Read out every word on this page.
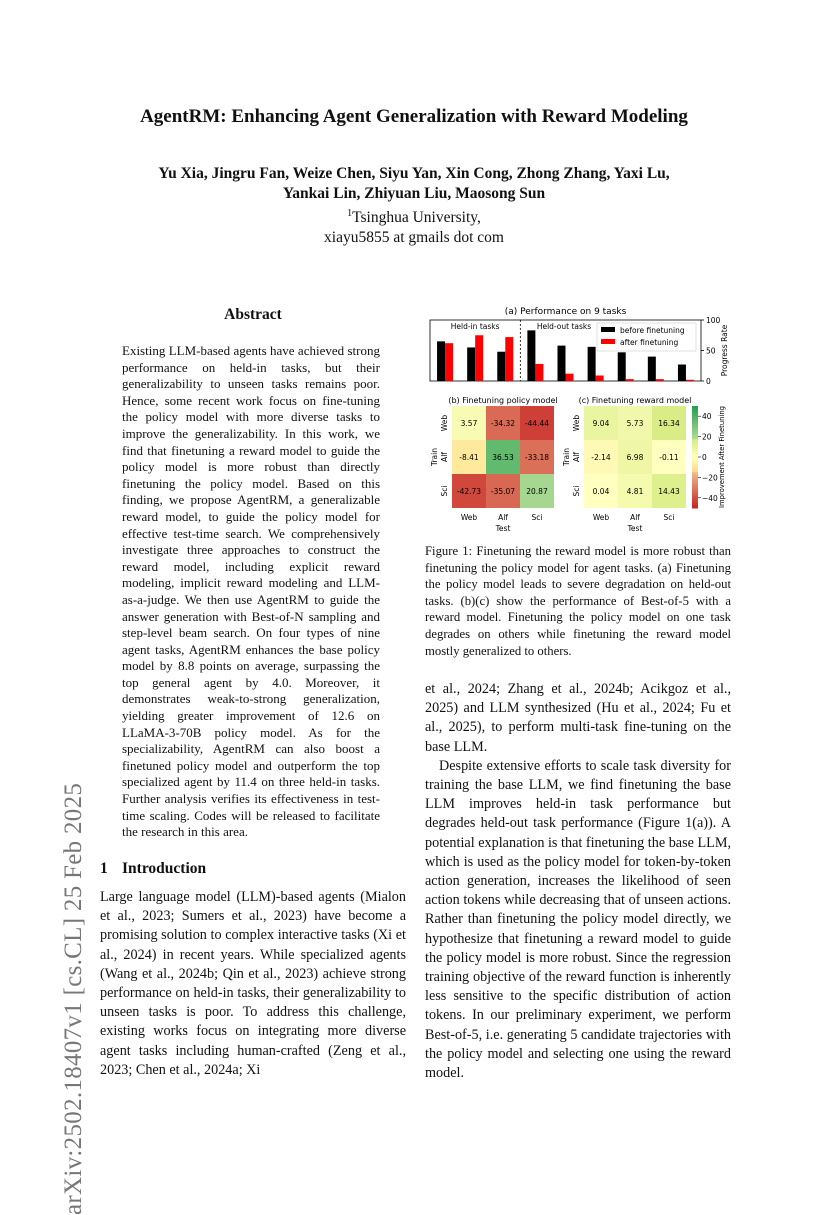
arXiv:2502.18407v1 [cs.CL] 25 Feb 2025
AgentRM: Enhancing Agent Generalization with Reward Modeling
Yu Xia, Jingru Fan, Weize Chen, Siyu Yan, Xin Cong, Zhong Zhang, Yaxi Lu,
Yankai Lin, Zhiyuan Liu, Maosong Sun
$^1$Tsinghua University,
xiayu5855 at gmails dot com
Abstract

Existing LLM-based agents have achieved strong performance on held-in tasks, but their generalizability to unseen tasks remains poor. Hence, some recent work focus on fine-tuning the policy model with more diverse tasks to improve the generalizability. In this work, we find that finetuning a reward model to guide the policy model is more robust than directly finetuning the policy model. Based on this finding, we propose AgentRM, a generalizable reward model, to guide the policy model for effective test-time search. We comprehensively investigate three approaches to construct the reward model, including explicit reward modeling, implicit reward modeling and LLM-as-a-judge. We then use AgentRM to guide the answer generation with Best-of-N sampling and step-level beam search. On four types of nine agent tasks, AgentRM enhances the base policy model by 8.8 points on average, surpassing the top general agent by 4.0. Moreover, it demonstrates weak-to-strong generalization, yielding greater improvement of 12.6 on LLaMA-3-70B policy model. As for the specializability, AgentRM can also boost a finetuned policy model and outperform the top specialized agent by 11.4 on three held-in tasks. Further analysis verifies its effectiveness in test-time scaling. Codes will be released to facilitate the research in this area.

1 Introduction

Large language model (LLM)-based agents (Mialon et al., 2023; Sumers et al., 2023) have become a promising solution to complex interactive tasks (Xi et al., 2024) in recent years. While specialized agents (Wang et al., 2024b; Qin et al., 2023) achieve strong performance on held-in tasks, their generalizability to unseen tasks is poor. To address this challenge, existing works focus on integrating more diverse agent tasks including human-crafted (Zeng et al., 2023; Chen et al., 2024a; Xi

et al., 2024; Zhang et al., 2024b; Acikgoz et al., 2025) and LLM synthesized (Hu et al., 2024; Fu et al., 2025), to perform multi-task fine-tuning on the base LLM.

Despite extensive efforts to scale task diversity for training the base LLM, we find finetuning the base LLM improves held-in task performance but degrades held-out task performance (Figure 1(a)). A potential explanation is that finetuning the base LLM, which is used as the policy model for token-by-token action generation, increases the likelihood of seen action tokens while decreasing that of unseen actions. Rather than finetuning the policy model directly, we hypothesize that finetuning a reward model to guide the policy model is more robust. Since the regression training objective of the reward function is inherently less sensitive to the specific distribution of action tokens. In our preliminary experiment, we perform Best-of-5, i.e. generating 5 candidate trajectories with the policy model and selecting one using the reward model.

(a) Performance on 9 tasks
Held-in tasks	Held-out tasks	before finetuning
after finetuning
0
50
100
Progress Rate
(b) Finetuning policy model
3.57 -34.32 -44.44
-8.41 36.53 -33.18
-42.73 -35.07 20.87
Web	Alf	Sci
Test
Web
Alf
Sci
Train
(c) Finetuning reward model
9.04 5.73 16.34
-2.14 6.98 -0.11
0.04 4.81 14.43
Web	Alf	Sci
Test
Web
Alf
Sci
Train
40
20
0
−20
−40 Improvement After Finetuning
Figure 1: Finetuning the reward model is more robust than finetuning the policy model for agent tasks. (a) Finetuning the policy model leads to severe degradation on held-out tasks. (b)(c) show the performance of Best-of-5 with a reward model. Finetuning the policy model on one task degrades on others while finetuning the reward model mostly generalized to others.
